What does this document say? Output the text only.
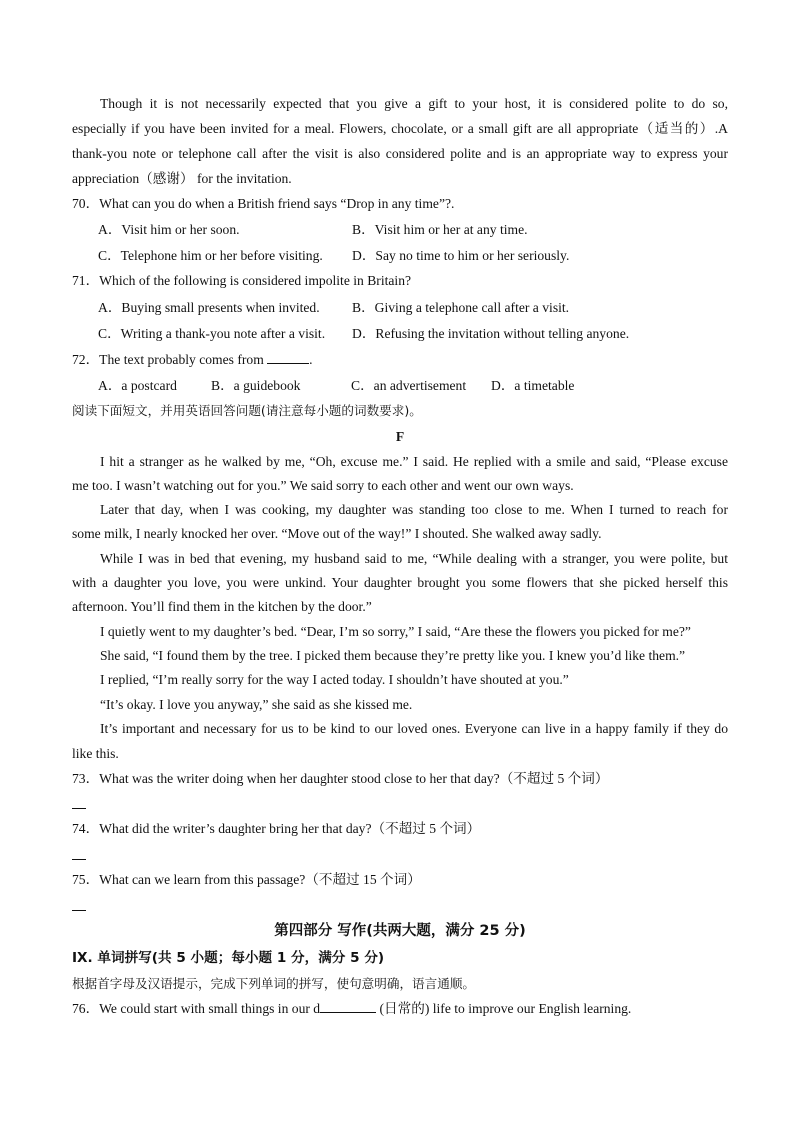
Though it is not necessarily expected that you give a gift to your host, it is considered polite to do so,
especially if you have been invited for a meal. Flowers, chocolate, or a small gift are all appropriate（适当的）.A
thank-you note or telephone call after the visit is also considered polite and is an appropriate way to express your
appreciation（感谢） for the invitation.
70．What can you do when a British friend says “Drop in any time”?.
A．Visit him or her soon.	B．Visit him or her at any time.
C．Telephone him or her before visiting. D．Say no time to him or her seriously.
71．Which of the following is considered impolite in Britain?
A．Buying small presents when invited. B．Giving a telephone call after a visit.
C．Writing a thank-you note after a visit. D．Refusing the invitation without telling anyone.
72．The text probably comes from	.
A．a postcard	B．a guidebook	C．an advertisement D．a timetable
阅读下面短文，并用英语回答问题(请注意每小题的词数要求)。
F
I hit a stranger as he walked by me, “Oh, excuse me.” I said. He replied with a smile and said, “Please excuse
me too. I wasn’t watching out for you.” We said sorry to each other and went our own ways.
Later that day, when I was cooking, my daughter was standing too close to me. When I turned to reach for
some milk, I nearly knocked her over. “Move out of the way!” I shouted. She walked away sadly.
While I was in bed that evening, my husband said to me, “While dealing with a stranger, you were polite, but
with a daughter you love, you were unkind. Your daughter brought you some flowers that she picked herself this
afternoon. You’ll find them in the kitchen by the door.”
I quietly went to my daughter’s bed. “Dear, I’m so sorry,” I said, “Are these the flowers you picked for me?”
She said, “I found them by the tree. I picked them because they’re pretty like you. I knew you’d like them.”
I replied, “I’m really sorry for the way I acted today. I shouldn’t have shouted at you.”
“It’s okay. I love you anyway,” she said as she kissed me.
It’s important and necessary for us to be kind to our loved ones. Everyone can live in a happy family if they do
like this.
73．What was the writer doing when her daughter stood close to her that day?（不超过 5 个词）
74．What did the writer’s daughter bring her that day?（不超过 5 个词）
75．What can we learn from this passage?（不超过 15 个词）
第四部分 写作(共两大题，满分 25 分)
IX. 单词拼写(共 5 小题；每小题 1 分，满分 5 分)
根据首字母及汉语提示，完成下列单词的拼写，使句意明确，语言通顺。
76．We could start with small things in our d	(日常的) life to improve our English learning.
